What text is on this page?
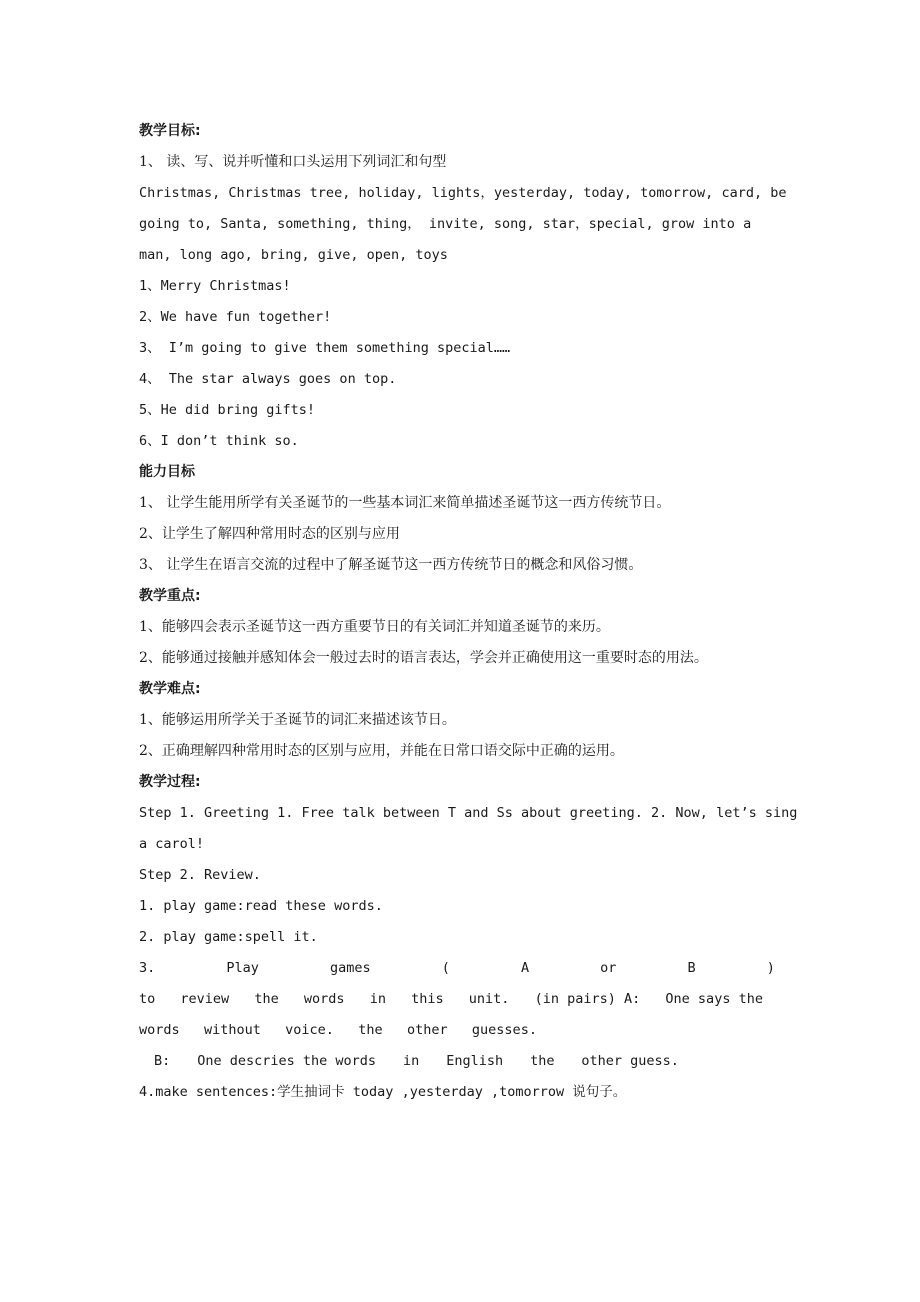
教学目标:
1、 读、写、说并听懂和口头运用下列词汇和句型
Christmas, Christmas tree, holiday, lights，yesterday, today, tomorrow, card, be
going to, Santa, something, thing， invite, song, star，special, grow into a
man, long ago, bring, give, open, toys
1、Merry Christmas!
2、We have fun together!
3、 I’m going to give them something special……
4、 The star always goes on top.
5、He did bring gifts!
6、I don’t think so.
能力目标
1、 让学生能用所学有关圣诞节的一些基本词汇来简单描述圣诞节这一西方传统节日。
2、让学生了解四种常用时态的区别与应用
3、 让学生在语言交流的过程中了解圣诞节这一西方传统节日的概念和风俗习惯。
教学重点:
1、能够四会表示圣诞节这一西方重要节日的有关词汇并知道圣诞节的来历。
2、能够通过接触并感知体会一般过去时的语言表达，学会并正确使用这一重要时态的用法。
教学难点:
1、能够运用所学关于圣诞节的词汇来描述该节日。
2、正确理解四种常用时态的区别与应用，并能在日常口语交际中正确的运用。
教学过程:
Step 1. Greeting 1. Free talk between T and Ss about greeting. 2. Now, let’s sing
a carol!
Step 2. Review.
1. play game:read these words.
2. play game:spell it.
3.	Play	games	(	A	or	B	)
to review the words in this unit. (in pairs) A: One says the
words without voice. the other guesses.
B: One descries the words in English the other guess.
4.make sentences:学生抽词卡 today ,yesterday ,tomorrow 说句子。
